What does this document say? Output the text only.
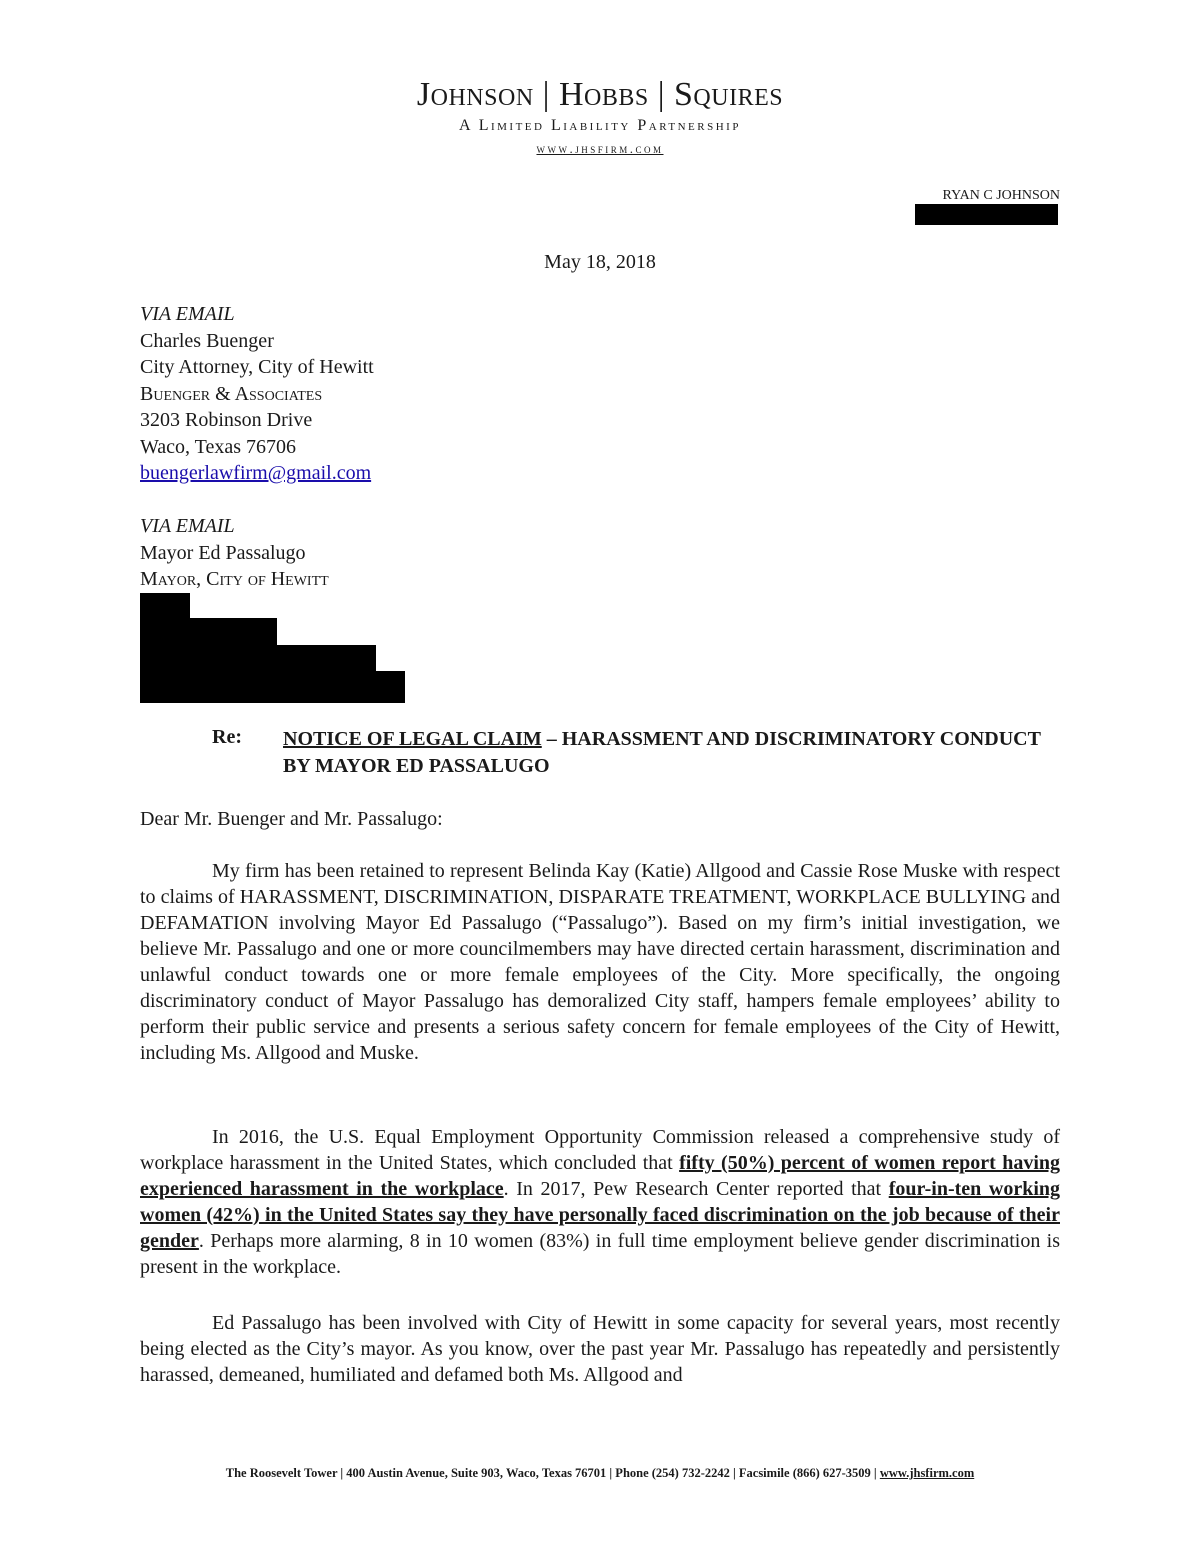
Johnson | Hobbs | Squires
A Limited Liability Partnership
www.jhsfirm.com
RYAN C JOHNSON
May 18, 2018
VIA EMAIL
Charles Buenger
City Attorney, City of Hewitt
Buenger & Associates
3203 Robinson Drive
Waco, Texas 76706
buengerlawfirm@gmail.com
VIA EMAIL
Mayor Ed Passalugo
Mayor, City of Hewitt
Re: NOTICE OF LEGAL CLAIM – HARASSMENT AND DISCRIMINATORY CONDUCT BY MAYOR ED PASSALUGO
Dear Mr. Buenger and Mr. Passalugo:

My firm has been retained to represent Belinda Kay (Katie) Allgood and Cassie Rose Muske with respect to claims of HARASSMENT, DISCRIMINATION, DISPARATE TREATMENT, WORKPLACE BULLYING and DEFAMATION involving Mayor Ed Passalugo (“Passalugo”). Based on my firm’s initial investigation, we believe Mr. Passalugo and one or more councilmembers may have directed certain harassment, discrimination and unlawful conduct towards one or more female employees of the City. More specifically, the ongoing discriminatory conduct of Mayor Passalugo has demoralized City staff, hampers female employees’ ability to perform their public service and presents a serious safety concern for female employees of the City of Hewitt, including Ms. Allgood and Muske.

In 2016, the U.S. Equal Employment Opportunity Commission released a comprehensive study of workplace harassment in the United States, which concluded that fifty (50%) percent of women report having experienced harassment in the workplace. In 2017, Pew Research Center reported that four-in-ten working women (42%) in the United States say they have personally faced discrimination on the job because of their gender. Perhaps more alarming, 8 in 10 women (83%) in full time employment believe gender discrimination is present in the workplace.

Ed Passalugo has been involved with City of Hewitt in some capacity for several years, most recently being elected as the City’s mayor. As you know, over the past year Mr. Passalugo has repeatedly and persistently harassed, demeaned, humiliated and defamed both Ms. Allgood and

The Roosevelt Tower | 400 Austin Avenue, Suite 903, Waco, Texas 76701 | Phone (254) 732-2242 | Facsimile (866) 627-3509 | www.jhsfirm.com
